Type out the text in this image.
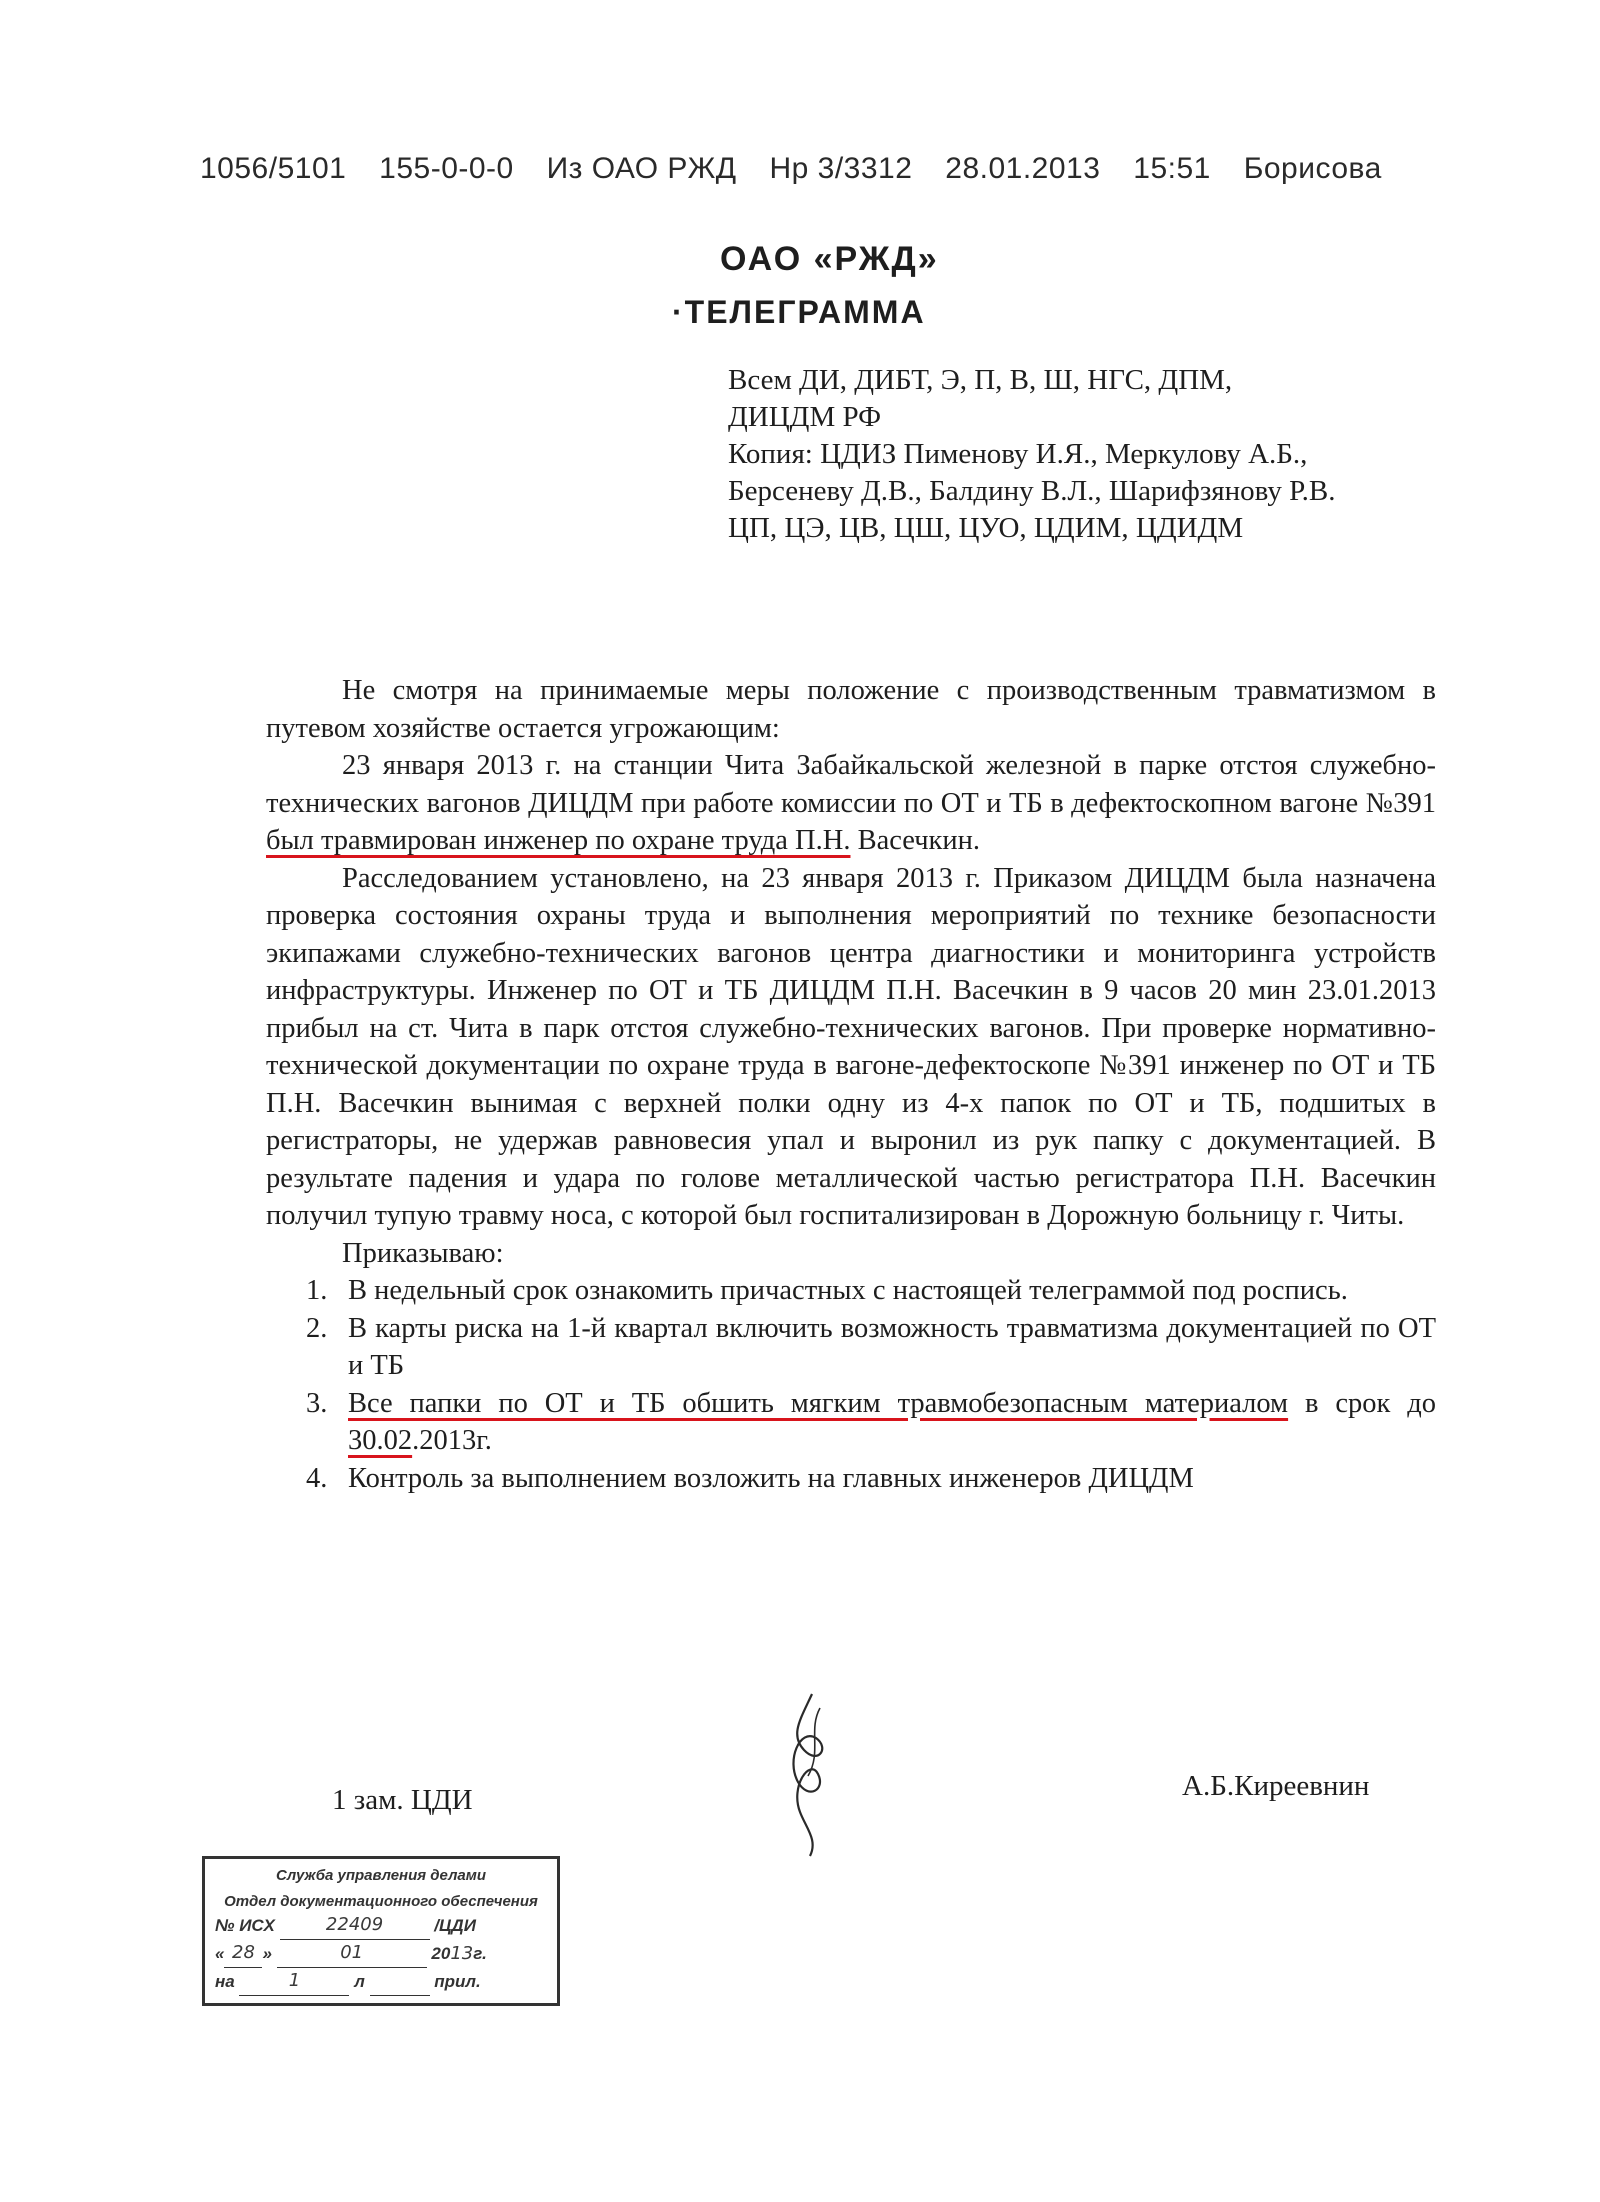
1056/5101 155-0-0-0 Из ОАО РЖД Нр 3/3312 28.01.2013 15:51 Борисова
ОАО «РЖД»
·ТЕЛЕГРАММА
Всем ДИ, ДИБТ, Э, П, В, Ш, НГС, ДПМ,
ДИЦДМ РФ
Копия: ЦДИЗ Пименову И.Я., Меркулову А.Б.,
Берсеневу Д.В., Балдину В.Л., Шарифзянову Р.В.
ЦП, ЦЭ, ЦВ, ЦШ, ЦУО, ЦДИМ, ЦДИДМ

Не смотря на принимаемые меры положение с производственным травматизмом в путевом хозяйстве остается угрожающим:

23 января 2013 г. на станции Чита Забайкальской железной в парке отстоя служебно-технических вагонов ДИЦДМ при работе комиссии по ОТ и ТБ в дефектоскопном вагоне №391 был травмирован инженер по охране труда П.Н. Васечкин.

Расследованием установлено, на 23 января 2013 г. Приказом ДИЦДМ была назначена проверка состояния охраны труда и выполнения мероприятий по технике безопасности экипажами служебно-технических вагонов центра диагностики и мониторинга устройств инфраструктуры. Инженер по ОТ и ТБ ДИЦДМ П.Н. Васечкин в 9 часов 20 мин 23.01.2013 прибыл на ст. Чита в парк отстоя служебно-технических вагонов. При проверке нормативно-технической документации по охране труда в вагоне-дефектоскопе №391 инженер по ОТ и ТБ П.Н. Васечкин вынимая с верхней полки одну из 4-х папок по ОТ и ТБ, подшитых в регистраторы, не удержав равновесия упал и выронил из рук папку с документацией. В результате падения и удара по голове металлической частью регистратора П.Н. Васечкин получил тупую травму носа, с которой был госпитализирован в Дорожную больницу г. Читы.

Приказываю:

1. В недельный срок ознакомить причастных с настоящей телеграммой под роспись.
2. В карты риска на 1-й квартал включить возможность травматизма документацией по ОТ и ТБ
3. Все папки по ОТ и ТБ обшить мягким травмобезопасным материалом в срок до 30.02.2013г.
4. Контроль за выполнением возложить на главных инженеров ДИЦДМ
1 зам. ЦДИ	А.Б.Киреевнин
Служба управления делами
Отдел документационного обеспечения
№ ИСХ	22409	/ЦДИ
« 28 »	01	2013г.
на	1	л	прил.
